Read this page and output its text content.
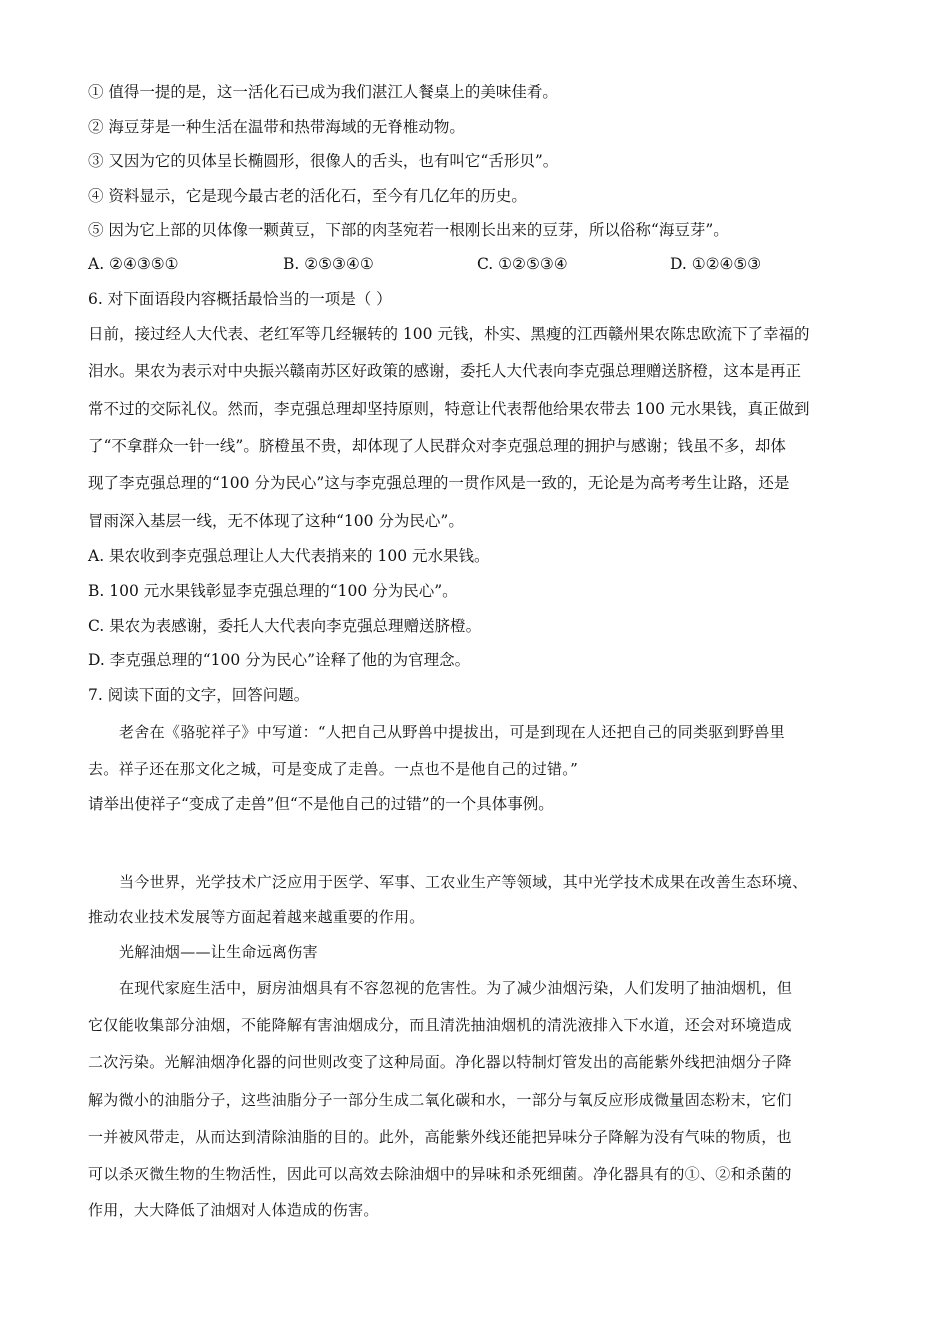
① 值得一提的是，这一活化石已成为我们湛江人餐桌上的美味佳肴。
② 海豆芽是一种生活在温带和热带海域的无脊椎动物。
③ 又因为它的贝体呈长椭圆形，很像人的舌头，也有叫它“舌形贝”。
④ 资料显示，它是现今最古老的活化石，至今有几亿年的历史。
⑤ 因为它上部的贝体像一颗黄豆，下部的肉茎宛若一根刚长出来的豆芽，所以俗称“海豆芽”。
A. ②④③⑤①	B. ②⑤③④①	C. ①②⑤③④	D. ①②④⑤③
6. 对下面语段内容概括最恰当的一项是（ ）
日前，接过经人大代表、老红军等几经辗转的 100 元钱，朴实、黑瘦的江西赣州果农陈忠欧流下了幸福的
泪水。果农为表示对中央振兴赣南苏区好政策的感谢，委托人大代表向李克强总理赠送脐橙，这本是再正
常不过的交际礼仪。然而，李克强总理却坚持原则，特意让代表帮他给果农带去 100 元水果钱，真正做到
了“不拿群众一针一线”。脐橙虽不贵，却体现了人民群众对李克强总理的拥护与感谢；钱虽不多，却体
现了李克强总理的“100 分为民心”这与李克强总理的一贯作风是一致的，无论是为高考考生让路，还是
冒雨深入基层一线，无不体现了这种“100 分为民心”。
A. 果农收到李克强总理让人大代表捎来的 100 元水果钱。
B. 100 元水果钱彰显李克强总理的“100 分为民心”。
C. 果农为表感谢，委托人大代表向李克强总理赠送脐橙。
D. 李克强总理的“100 分为民心”诠释了他的为官理念。
7. 阅读下面的文字，回答问题。
老舍在《骆驼祥子》中写道：“人把自己从野兽中提拔出，可是到现在人还把自己的同类驱到野兽里
去。祥子还在那文化之城，可是变成了走兽。一点也不是他自己的过错。”
请举出使祥子“变成了走兽”但“不是他自己的过错”的一个具体事例。
当今世界，光学技术广泛应用于医学、军事、工农业生产等领域，其中光学技术成果在改善生态环境、
推动农业技术发展等方面起着越来越重要的作用。
光解油烟——让生命远离伤害
在现代家庭生活中，厨房油烟具有不容忽视的危害性。为了减少油烟污染，人们发明了抽油烟机，但
它仅能收集部分油烟，不能降解有害油烟成分，而且清洗抽油烟机的清洗液排入下水道，还会对环境造成
二次污染。光解油烟净化器的问世则改变了这种局面。净化器以特制灯管发出的高能紫外线把油烟分子降
解为微小的油脂分子，这些油脂分子一部分生成二氧化碳和水，一部分与氧反应形成微量固态粉末，它们
一并被风带走，从而达到清除油脂的目的。此外，高能紫外线还能把异味分子降解为没有气味的物质，也
可以杀灭微生物的生物活性，因此可以高效去除油烟中的异味和杀死细菌。净化器具有的①、②和杀菌的
作用，大大降低了油烟对人体造成的伤害。
